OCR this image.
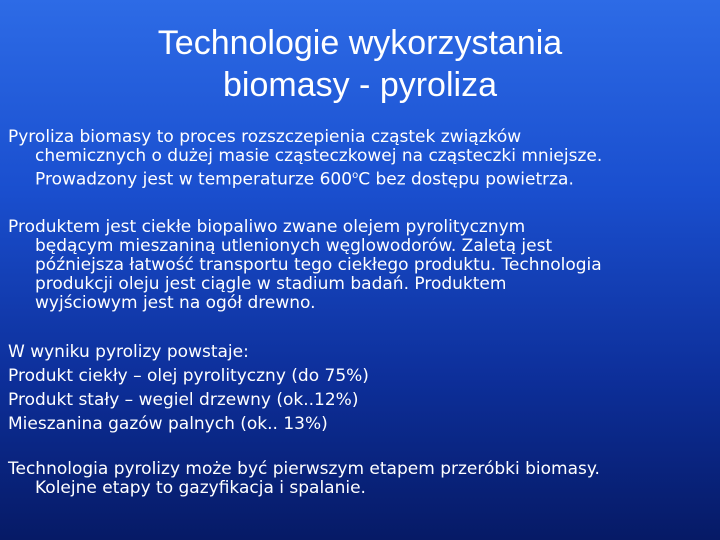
Technologie wykorzystania
biomasy - pyroliza
Pyroliza biomasy to proces rozszczepienia cząstek związków
chemicznych o dużej masie cząsteczkowej na cząsteczki mniejsze.
Prowadzony jest w temperaturze 600$^o$C bez dostępu powietrza.
Produktem jest ciekłe biopaliwo zwane olejem pyrolitycznym
będącym mieszaniną utlenionych węglowodorów. Zaletą jest
późniejsza łatwość transportu tego ciekłego produktu. Technologia
produkcji oleju jest ciągle w stadium badań. Produktem
wyjściowym jest na ogół drewno.
W wyniku pyrolizy powstaje:
Produkt ciekły – olej pyrolityczny (do 75%)
Produkt stały – wegiel drzewny (ok..12%)
Mieszanina gazów palnych (ok.. 13%)
Technologia pyrolizy może być pierwszym etapem przeróbki biomasy.
Kolejne etapy to gazyfikacja i spalanie.
